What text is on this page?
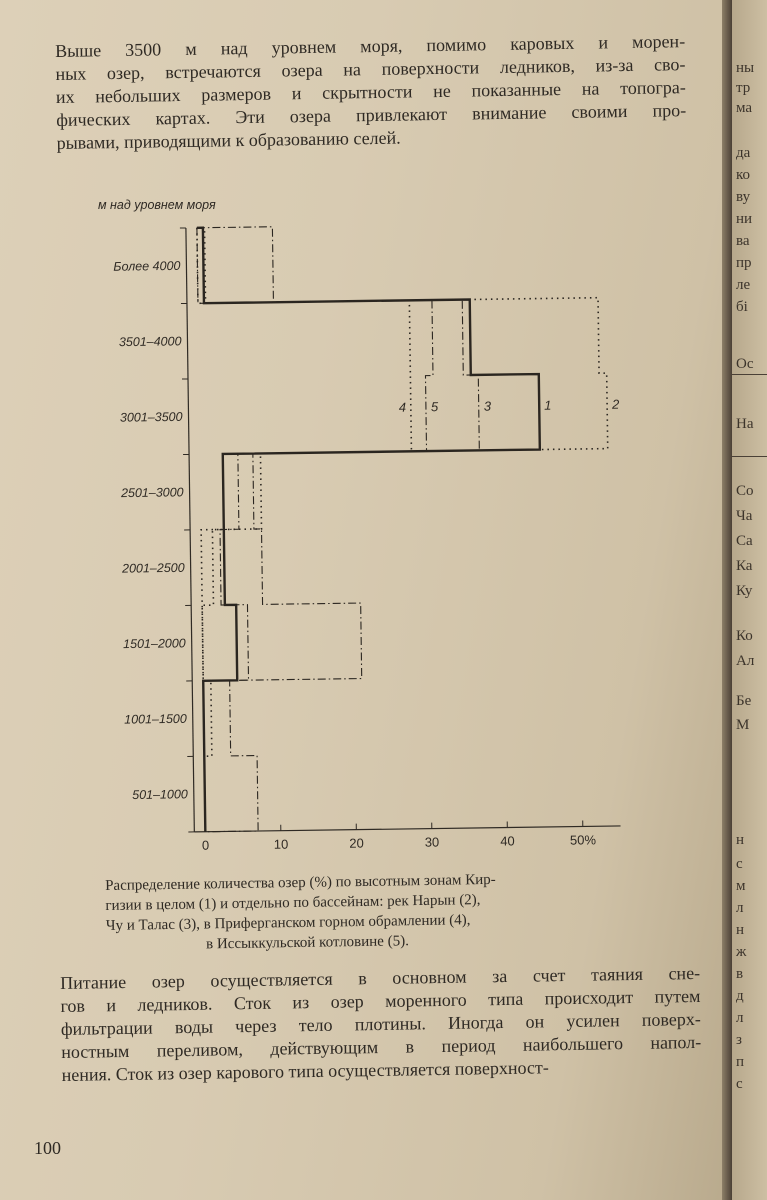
Выше 3500 м над уровнем моря, помимо каровых и морен-
ных озер, встречаются озера на поверхности ледников, из-за сво-
их небольших размеров и скрытности не показанные на топогра-
фических картах. Эти озера привлекают внимание своими про-
рывами, приводящими к образованию селей.

м над уровнем моря
Более 4000
3501–4000
3001–3500
2501–3000
2001–2500
1501–2000
1001–1500
501–1000
0	10	20	30	40	50%
4 5	3	1	2

Распределение количества озер (%) по высотным зонам Кир-
гизии в целом (1) и отдельно по бассейнам: рек Нарын (2),
Чу и Талас (3), в Приферганском горном обрамлении (4),
в Иссыккульской котловине (5).

Питание озер осуществляется в основном за счет таяния сне-
гов и ледников. Сток из озер моренного типа происходит путем
фильтрации воды через тело плотины. Иногда он усилен поверх-
ностным переливом, действующим в период наибольшего напол-
нения. Сток из озер карового типа осуществляется поверхност-

100
ны
тр
ма
да
ко
ву
ни
ва
пр
ле
бі
Ос
На
Со
Ча
Са
Ка
Ку
Ко
Ал
Бе
М
н
с
м
л
н
ж
в
д
л
з
п
с
